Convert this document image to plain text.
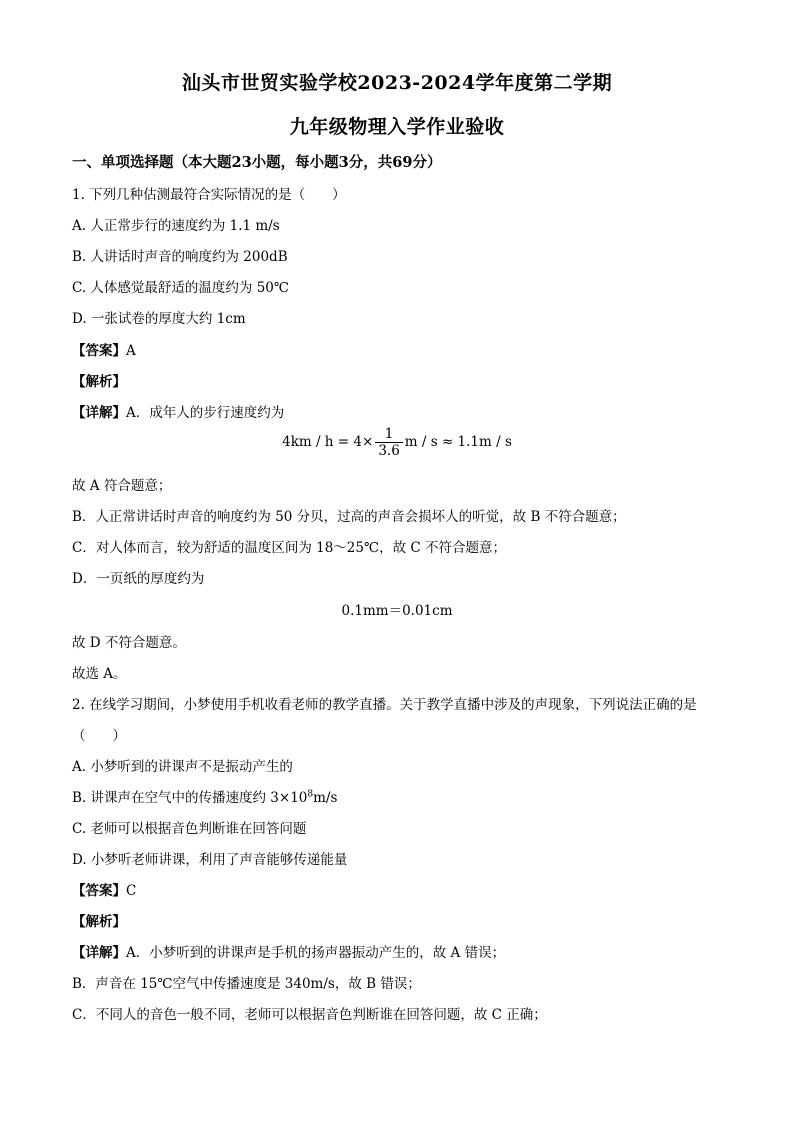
汕头市世贸实验学校2023-2024学年度第二学期
九年级物理入学作业验收
一、单项选择题（本大题23小题，每小题3分，共69分）
1. 下列几种估测最符合实际情况的是（　　）
A. 人正常步行的速度约为 1.1 m/s
B. 人讲话时声音的响度约为 200dB
C. 人体感觉最舒适的温度约为 50℃
D. 一张试卷的厚度大约 1cm
【答案】A
【解析】
【详解】A．成年人的步行速度约为
$4km / h = 4\times \frac{1}{3.6}$ m / s ≈ 1.1m / s
故 A 符合题意；
B．人正常讲话时声音的响度约为 50 分贝，过高的声音会损坏人的听觉，故 B 不符合题意；
C．对人体而言，较为舒适的温度区间为 18～25℃，故 C 不符合题意；
D．一页纸的厚度约为
0.1mm＝0.01cm
故 D 不符合题意。
故选 A。
2. 在线学习期间，小梦使用手机收看老师的教学直播。关于教学直播中涉及的声现象，下列说法正确的是
（　　）
A. 小梦听到的讲课声不是振动产生的
B. 讲课声在空气中的传播速度约 $3\times 10^8m/s$
C. 老师可以根据音色判断谁在回答问题
D. 小梦听老师讲课，利用了声音能够传递能量
【答案】C
【解析】
【详解】A．小梦听到的讲课声是手机的扬声器振动产生的，故 A 错误；
B．声音在 15℃空气中传播速度是 340m/s，故 B 错误；
C．不同人的音色一般不同，老师可以根据音色判断谁在回答问题，故 C 正确；
